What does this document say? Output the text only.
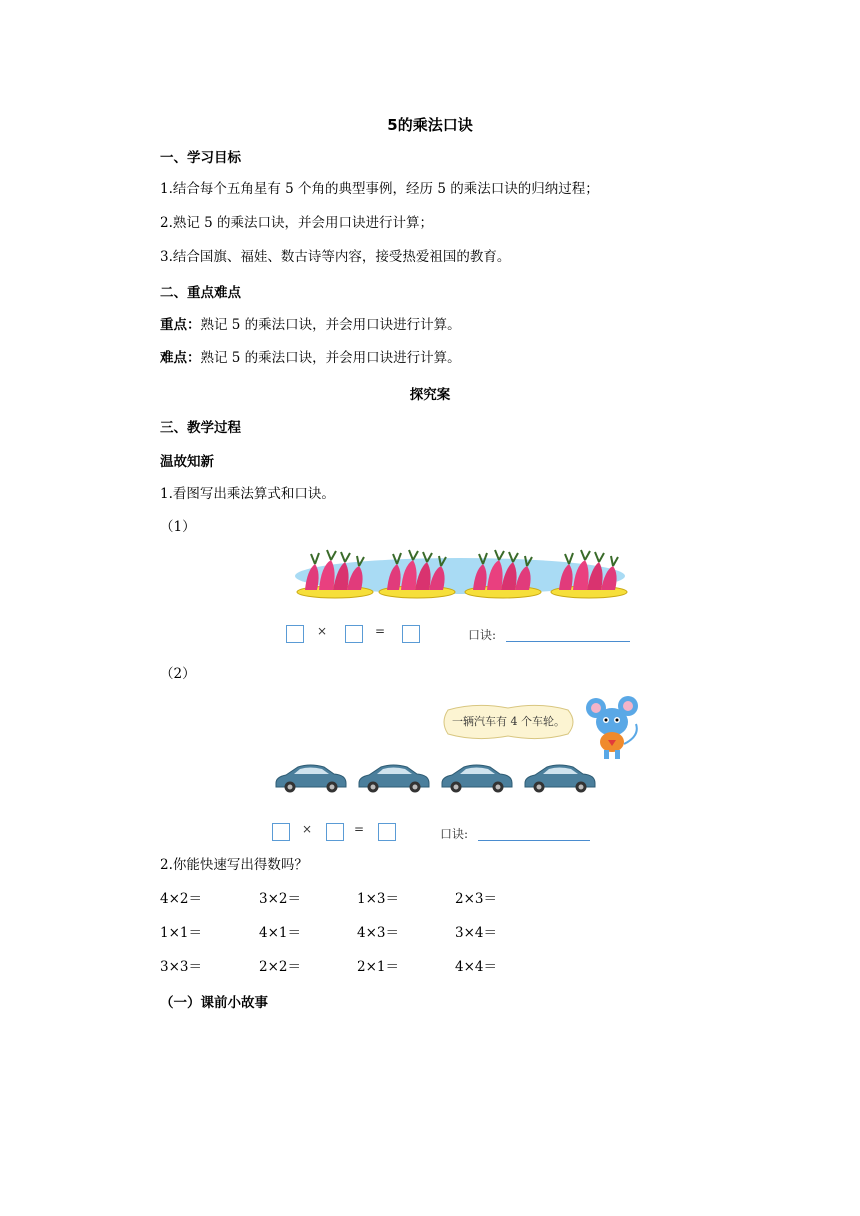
5的乘法口诀
一、学习目标
1.结合每个五角星有 5 个角的典型事例，经历 5 的乘法口诀的归纳过程；
2.熟记 5 的乘法口诀，并会用口诀进行计算；
3.结合国旗、福娃、数古诗等内容，接受热爱祖国的教育。
二、重点难点
重点：熟记 5 的乘法口诀，并会用口诀进行计算。
难点：熟记 5 的乘法口诀，并会用口诀进行计算。
探究案
三、教学过程
温故知新
1.看图写出乘法算式和口诀。
（1）
×	=	口诀:
（2）
一辆汽车有 4 个车轮。
×	=	口诀:
2.你能快速写出得数吗？
4×2＝	3×2＝	1×3＝	2×3＝
1×1＝	4×1＝	4×3＝	3×4＝
3×3＝	2×2＝	2×1＝	4×4＝
（一）课前小故事
